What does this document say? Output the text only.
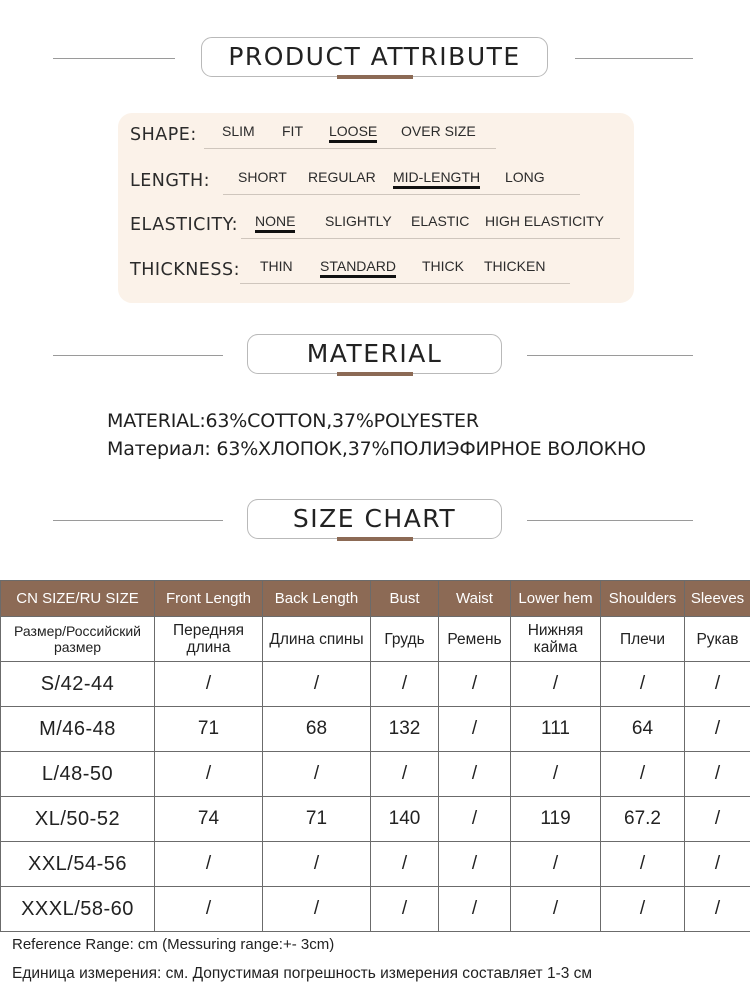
PRODUCT ATTRIBUTE
SHAPE: SLIM FIT LOOSE OVER SIZE
LENGTH: SHORT REGULAR MID-LENGTH LONG
ELASTICITY: NONE SLIGHTLY ELASTIC HIGH ELASTICITY
THICKNESS: THIN STANDARD THICK THICKEN
MATERIAL
MATERIAL:63%COTTON,37%POLYESTER
Материал: 63%ХЛОПОК,37%ПОЛИЭФИРНОЕ ВОЛОКНО
SIZE CHART
CN SIZE/RU SIZE	Front Length	Back Length	Bust	Waist	Lower hem	Shoulders	Sleeves
Размер/Российский размер	Передняя длина	Длина спины	Грудь	Ремень	Нижняя кайма	Плечи	Рукав
S/42-44	/	/	/	/	/	/	/
M/46-48	71	68	132	/	111	64	/
L/48-50	/	/	/	/	/	/	/
XL/50-52	74	71	140	/	119	67.2	/
XXL/54-56	/	/	/	/	/	/	/
XXXL/58-60	/	/	/	/	/	/	/
Reference Range: cm (Messuring range:+- 3cm)
Единица измерения: см. Допустимая погрешность измерения составляет 1-3 см
